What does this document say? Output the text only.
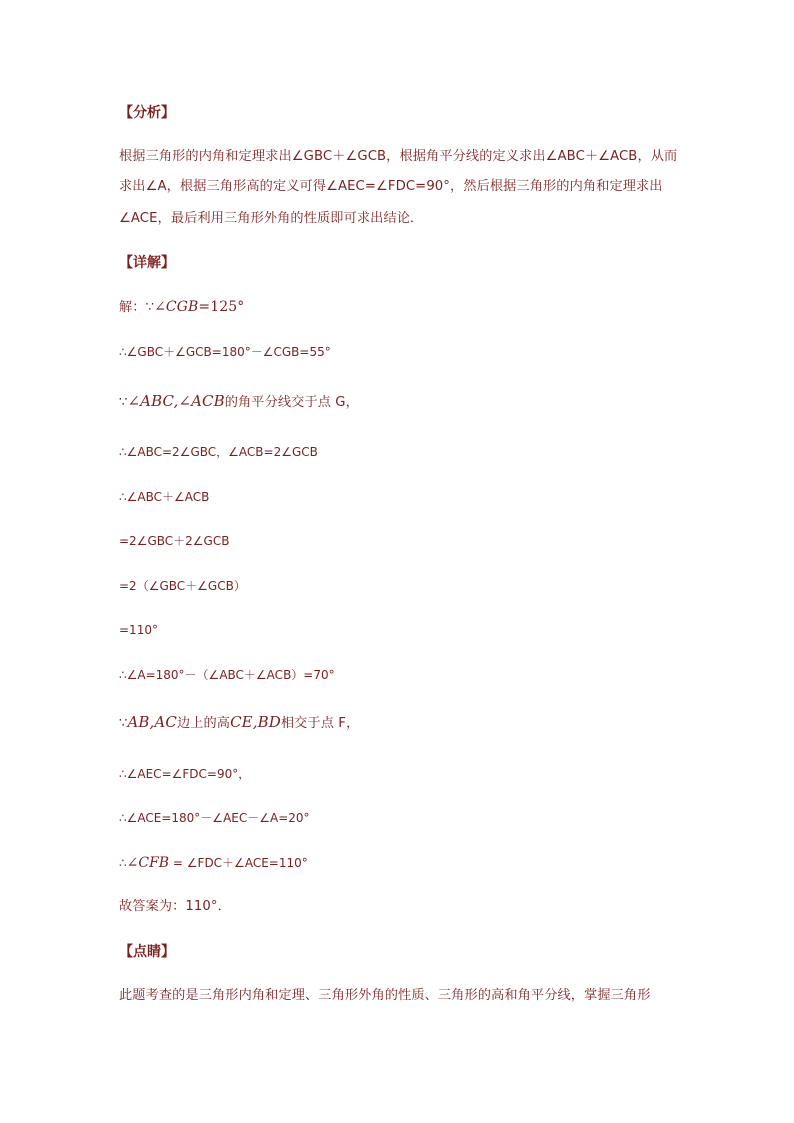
【分析】
根据三角形的内角和定理求出∠GBC＋∠GCB，根据角平分线的定义求出∠ABC＋∠ACB，从而
求出∠A，根据三角形高的定义可得∠AEC=∠FDC=90°，然后根据三角形的内角和定理求出
∠ACE，最后利用三角形外角的性质即可求出结论．
【详解】
解：∵∠CGB=125°
∴∠GBC＋∠GCB=180°－∠CGB=55°
∵∠ABC,∠ACB的角平分线交于点 G，
∴∠ABC=2∠GBC，∠ACB=2∠GCB
∴∠ABC＋∠ACB
=2∠GBC＋2∠GCB
=2（∠GBC＋∠GCB）
=110°
∴∠A=180°－（∠ABC＋∠ACB）=70°
∵AB,AC边上的高CE,BD相交于点 F，
∴∠AEC=∠FDC=90°，
∴∠ACE=180°－∠AEC－∠A=20°
∴∠CFB = ∠FDC＋∠ACE=110°
故答案为：110°．
【点睛】
此题考查的是三角形内角和定理、三角形外角的性质、三角形的高和角平分线，掌握三角形
